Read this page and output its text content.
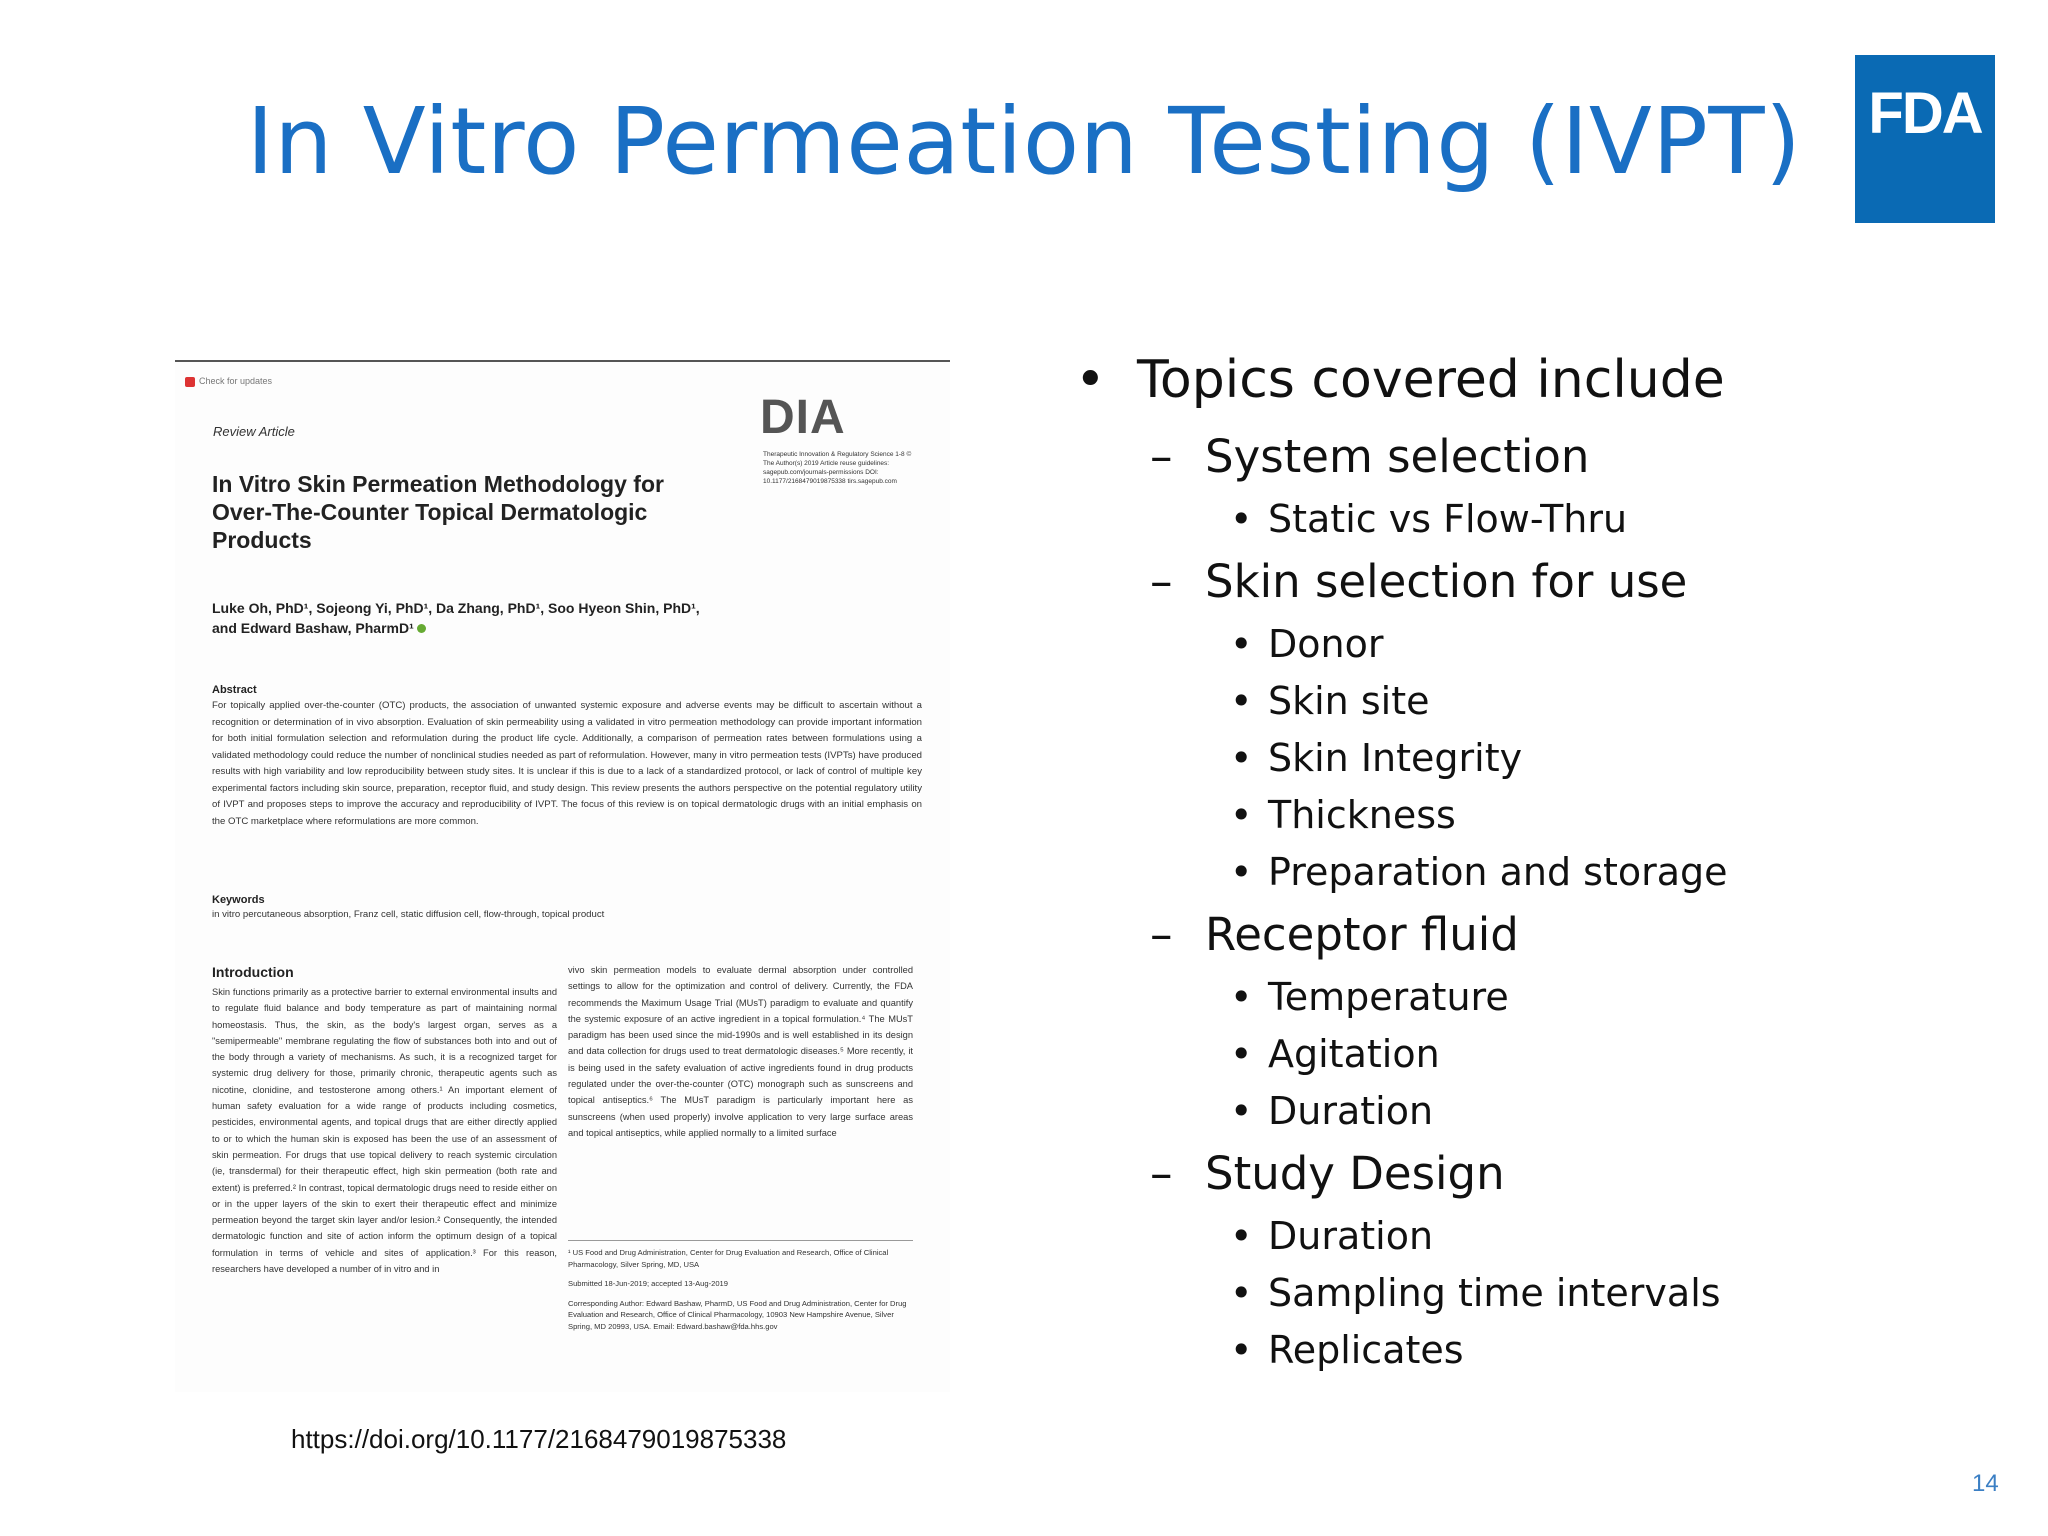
In Vitro Permeation Testing (IVPT)	FDA
Check for updates
Review Article	DIA
Therapeutic Innovation & Regulatory Science 1-8 © The Author(s) 2019 Article reuse guidelines: sagepub.com/journals-permissions DOI: 10.1177/2168479019875338 tirs.sagepub.com
In Vitro Skin Permeation Methodology for Over-The-Counter Topical Dermatologic Products
Luke Oh, PhD¹, Sojeong Yi, PhD¹, Da Zhang, PhD¹, Soo Hyeon Shin, PhD¹, and Edward Bashaw, PharmD¹
Abstract
For topically applied over-the-counter (OTC) products, the association of unwanted systemic exposure and adverse events may be difficult to ascertain without a recognition or determination of in vivo absorption. Evaluation of skin permeability using a validated in vitro permeation methodology can provide important information for both initial formulation selection and reformulation during the product life cycle. Additionally, a comparison of permeation rates between formulations using a validated methodology could reduce the number of nonclinical studies needed as part of reformulation. However, many in vitro permeation tests (IVPTs) have produced results with high variability and low reproducibility between study sites. It is unclear if this is due to a lack of a standardized protocol, or lack of control of multiple key experimental factors including skin source, preparation, receptor fluid, and study design. This review presents the authors perspective on the potential regulatory utility of IVPT and proposes steps to improve the accuracy and reproducibility of IVPT. The focus of this review is on topical dermatologic drugs with an initial emphasis on the OTC marketplace where reformulations are more common.
Keywords
in vitro percutaneous absorption, Franz cell, static diffusion cell, flow-through, topical product
Introduction
Skin functions primarily as a protective barrier to external environmental insults and to regulate fluid balance and body temperature as part of maintaining normal homeostasis. Thus, the skin, as the body's largest organ, serves as a "semipermeable" membrane regulating the flow of substances both into and out of the body through a variety of mechanisms. As such, it is a recognized target for systemic drug delivery for those, primarily chronic, therapeutic agents such as nicotine, clonidine, and testosterone among others.¹ An important element of human safety evaluation for a wide range of products including cosmetics, pesticides, environmental agents, and topical drugs that are either directly applied to or to which the human skin is exposed has been the use of an assessment of skin permeation. For drugs that use topical delivery to reach systemic circulation (ie, transdermal) for their therapeutic effect, high skin permeation (both rate and extent) is preferred.² In contrast, topical dermatologic drugs need to reside either on or in the upper layers of the skin to exert their therapeutic effect and minimize permeation beyond the target skin layer and/or lesion.² Consequently, the intended dermatologic function and site of action inform the optimum design of a topical formulation in terms of vehicle and sites of application.³ For this reason, researchers have developed a number of in vitro and in
vivo skin permeation models to evaluate dermal absorption under controlled settings to allow for the optimization and control of delivery. Currently, the FDA recommends the Maximum Usage Trial (MUsT) paradigm to evaluate and quantify the systemic exposure of an active ingredient in a topical formulation.⁴ The MUsT paradigm has been used since the mid-1990s and is well established in its design and data collection for drugs used to treat dermatologic diseases.⁵ More recently, it is being used in the safety evaluation of active ingredients found in drug products regulated under the over-the-counter (OTC) monograph such as sunscreens and topical antiseptics.⁶ The MUsT paradigm is particularly important here as sunscreens (when used properly) involve application to very large surface areas and topical antiseptics, while applied normally to a limited surface

¹ US Food and Drug Administration, Center for Drug Evaluation and Research, Office of Clinical Pharmacology, Silver Spring, MD, USA

Submitted 18-Jun-2019; accepted 13-Aug-2019

Corresponding Author: Edward Bashaw, PharmD, US Food and Drug Administration, Center for Drug Evaluation and Research, Office of Clinical Pharmacology, 10903 New Hampshire Avenue, Silver Spring, MD 20993, USA. Email: Edward.bashaw@fda.hhs.gov

https://doi.org/10.1177/2168479019875338
• Topics covered include
– System selection
• Static vs Flow-Thru
– Skin selection for use
• Donor
• Skin site
• Skin Integrity
• Thickness
• Preparation and storage
– Receptor fluid
• Temperature
• Agitation
• Duration
– Study Design
• Duration
• Sampling time intervals
• Replicates
14
